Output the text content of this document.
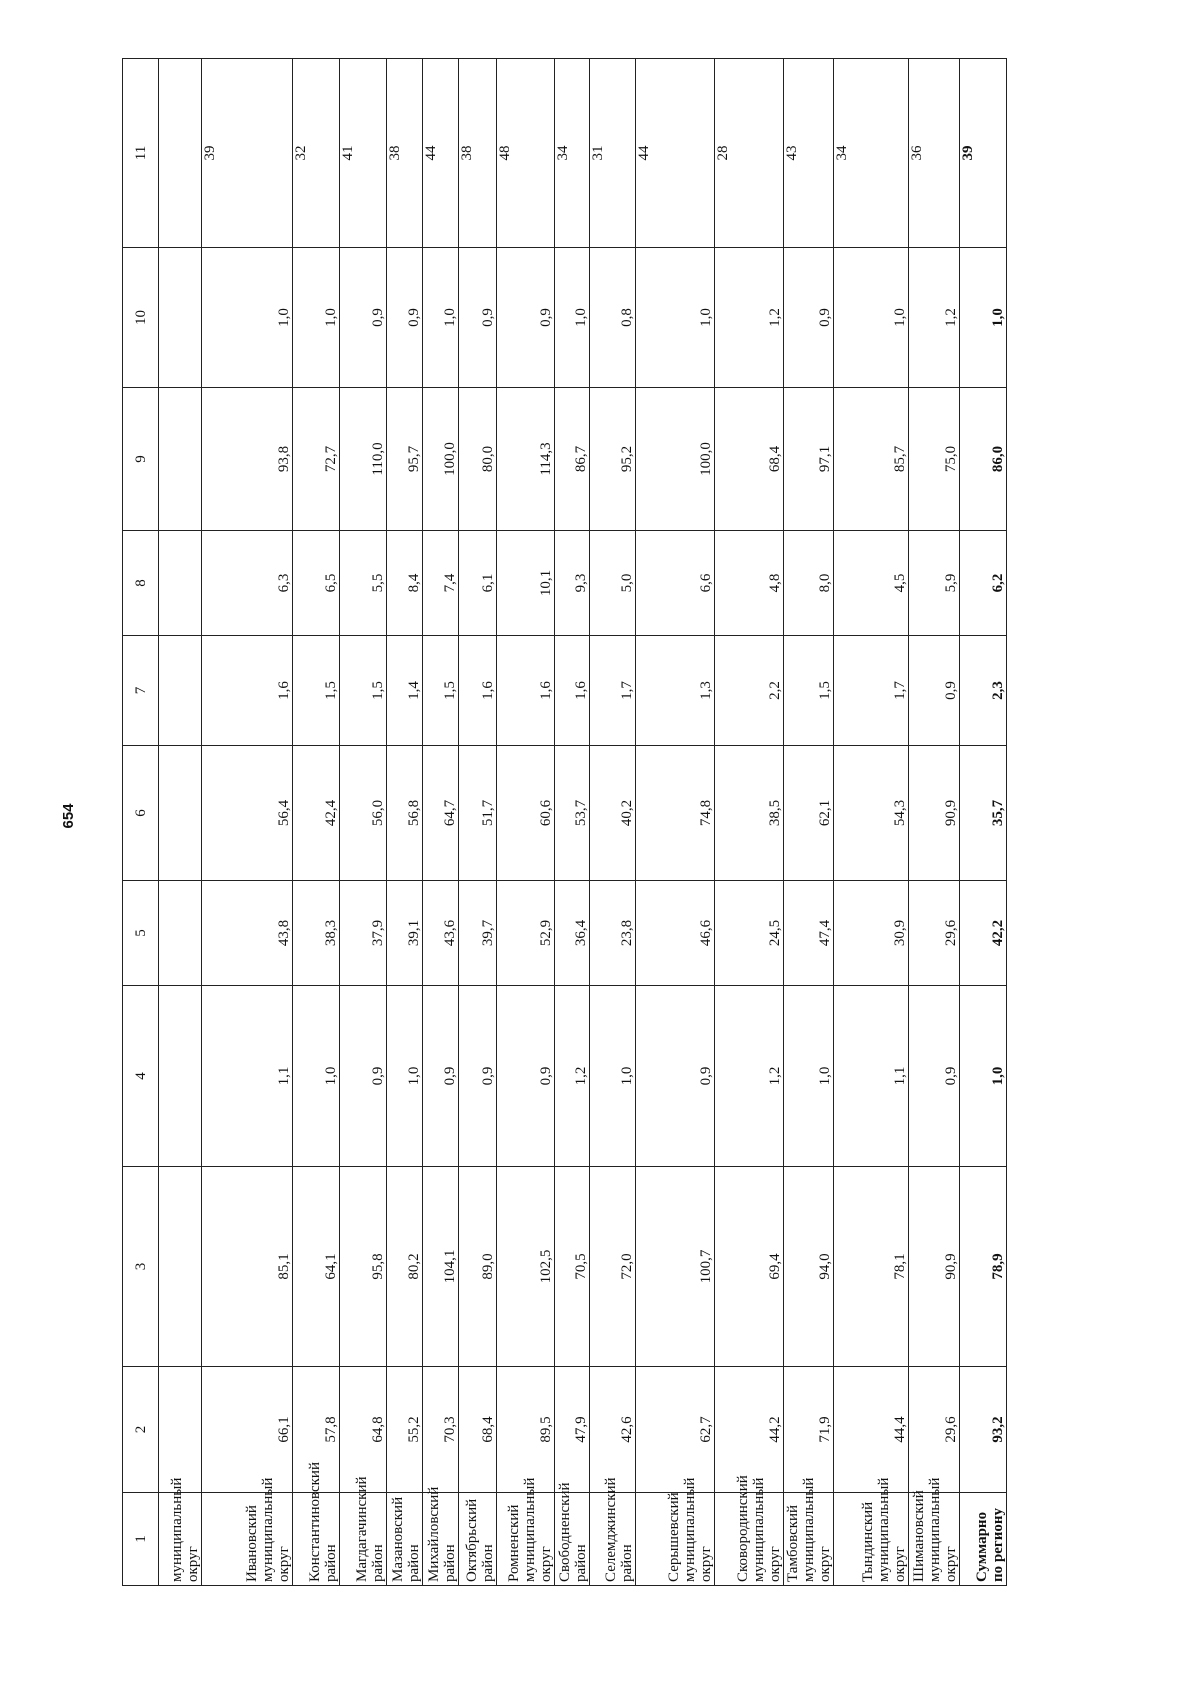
654
1	2	3	4	5	6	7	8	9	10	11
муниципальный округ										
Ивановский муниципальный округ	66,1	85,1	1,1	43,8	56,4	1,6	6,3	93,8	1,0	39
Константиновский район	57,8	64,1	1,0	38,3	42,4	1,5	6,5	72,7	1,0	32
Магдагачинский район	64,8	95,8	0,9	37,9	56,0	1,5	5,5	110,0	0,9	41
Мазановский район	55,2	80,2	1,0	39,1	56,8	1,4	8,4	95,7	0,9	38
Михайловский район	70,3	104,1	0,9	43,6	64,7	1,5	7,4	100,0	1,0	44
Октябрьский район	68,4	89,0	0,9	39,7	51,7	1,6	6,1	80,0	0,9	38
Ромненский муниципальный округ	89,5	102,5	0,9	52,9	60,6	1,6	10,1	114,3	0,9	48
Свободненский район	47,9	70,5	1,2	36,4	53,7	1,6	9,3	86,7	1,0	34
Селемджинский район	42,6	72,0	1,0	23,8	40,2	1,7	5,0	95,2	0,8	31
Серышевский муниципальный округ	62,7	100,7	0,9	46,6	74,8	1,3	6,6	100,0	1,0	44
Сковородинский муниципальный округ	44,2	69,4	1,2	24,5	38,5	2,2	4,8	68,4	1,2	28
Тамбовский муниципальный округ	71,9	94,0	1,0	47,4	62,1	1,5	8,0	97,1	0,9	43
Тындинский муниципальный округ	44,4	78,1	1,1	30,9	54,3	1,7	4,5	85,7	1,0	34
Шимановский муниципальный округ	29,6	90,9	0,9	29,6	90,9	0,9	5,9	75,0	1,2	36
Суммарно по региону	93,2	78,9	1,0	42,2	35,7	2,3	6,2	86,0	1,0	39
